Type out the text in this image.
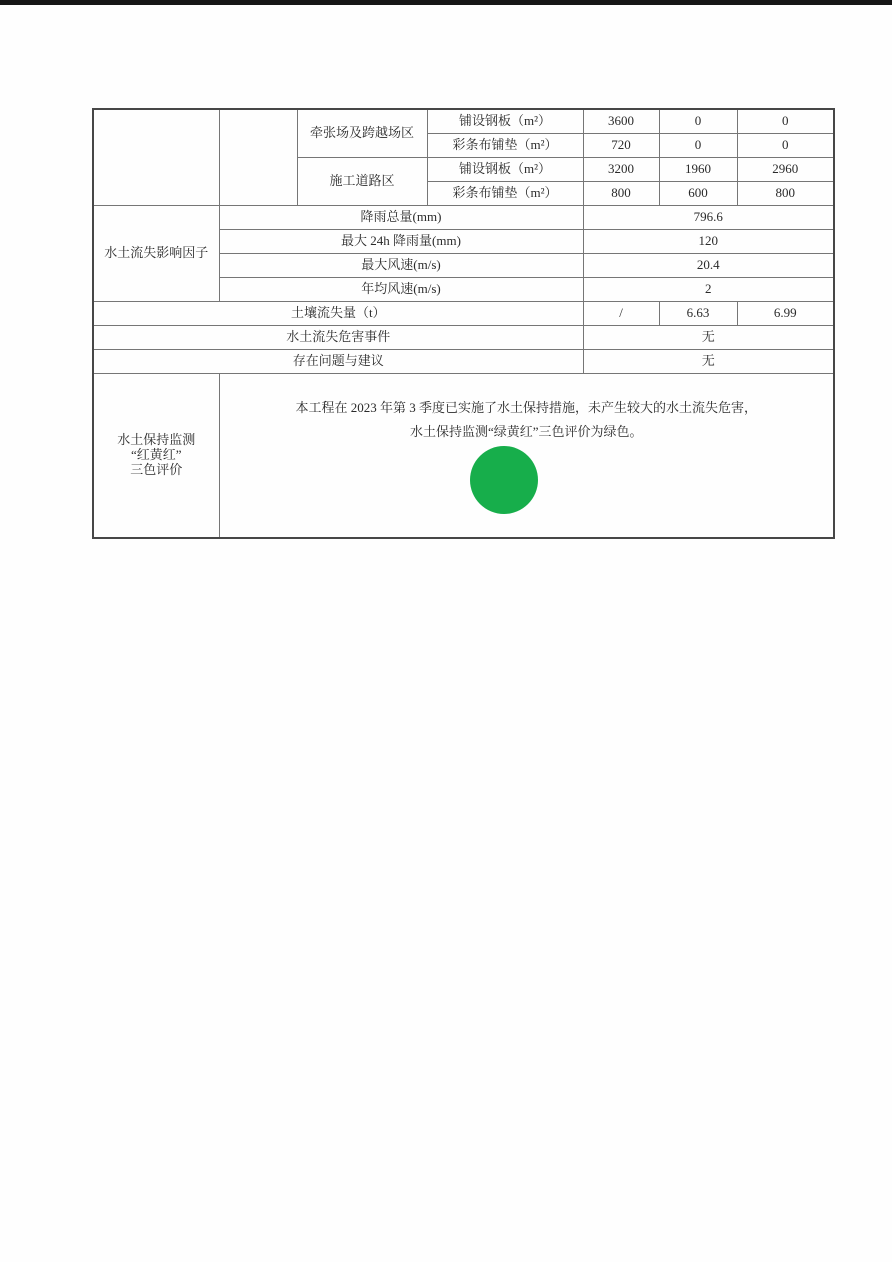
		牵张场及跨越场区	铺设钢板（m²）	3600	0	0
			彩条布铺垫（m²）	720	0	0
		施工道路区	铺设钢板（m²）	3200	1960	2960
			彩条布铺垫（m²）	800	600	800
水土流失影响因子	降雨总量(mm)			796.6		
	最大 24h 降雨量(mm)			120		
	最大风速(m/s)			20.4		
	年均风速(m/s)			2		
土壤流失量（t）				/	6.63	6.99
水土流失危害事件				无		
存在问题与建议				无		

水土保持监测
“红黄红”
三色评价

本工程在 2023 年第 3 季度已实施了水土保持措施，未产生较大的水土流失危害，
水土保持监测“绿黄红”三色评价为绿色。
